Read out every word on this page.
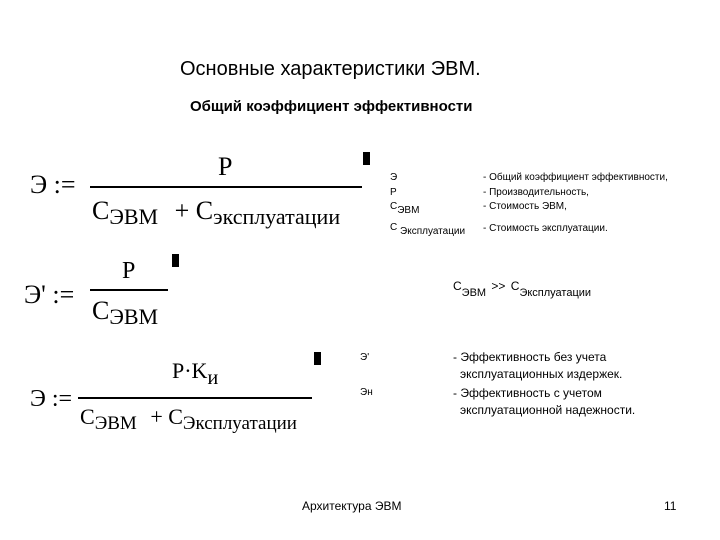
Основные характеристики ЭВМ.
Общий коэффициент эффективности
Э :=
P
CЭВМ + Cэксплуатации
Э
P
CЭВМ
C Эксплуатации
- Общий коэффициент эффективности,
- Производительность,
- Стоимость ЭВМ,
- Стоимость эксплуатации.
Э' :=
P
CЭВМ
CЭВМ >> CЭксплуатации
Э :=
P·Kи
CЭВМ + CЭксплуатации
Э'
Эн
- Эффективность без учета
эксплуатационных издержек.
- Эффективность с учетом
эксплуатационной надежности.
Архитектура ЭВМ	11
